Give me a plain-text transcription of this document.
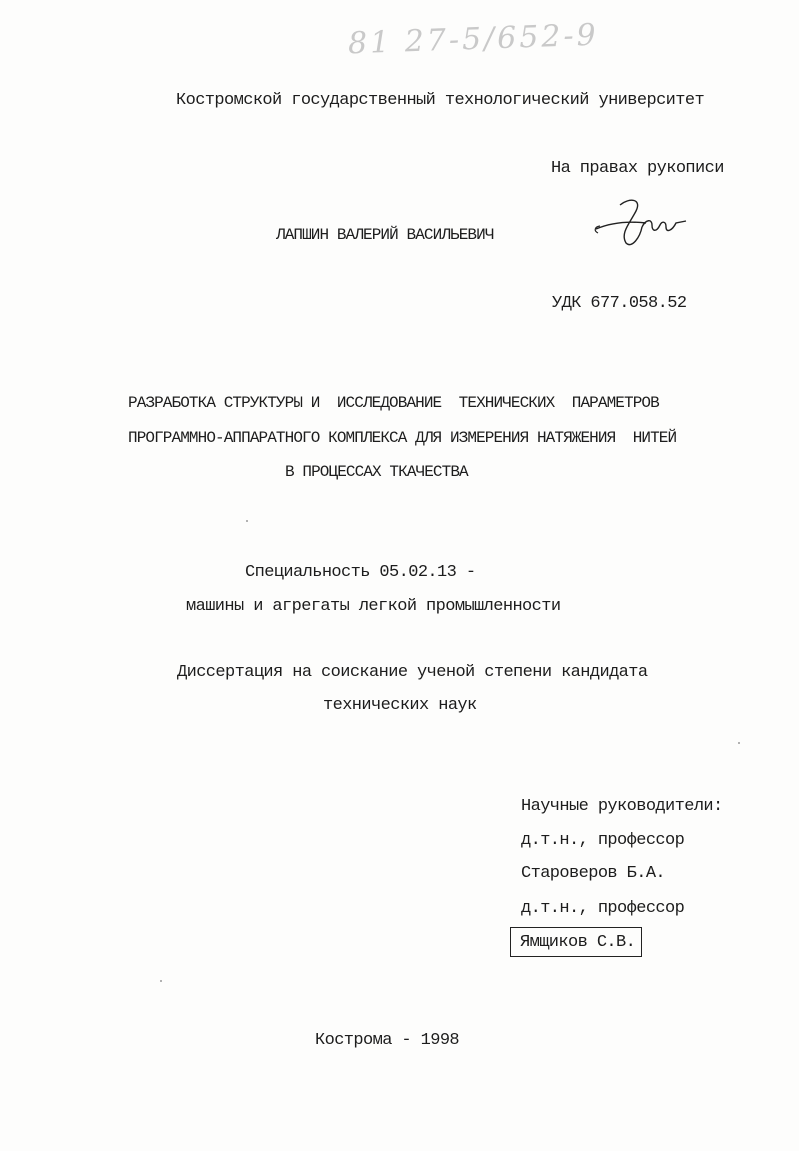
81 27-5/652-9
Костромской государственный технологический университет
На правах рукописи
ЛАПШИН ВАЛЕРИЙ ВАСИЛЬЕВИЧ
УДК 677.058.52
РАЗРАБОТКА СТРУКТУРЫ И  ИССЛЕДОВАНИЕ  ТЕХНИЧЕСКИХ  ПАРАМЕТРОВ
ПРОГРАММНО-АППАРАТНОГО КОМПЛЕКСА ДЛЯ ИЗМЕРЕНИЯ НАТЯЖЕНИЯ  НИТЕЙ
В ПРОЦЕССАХ ТКАЧЕСТВА
Специальность 05.02.13 -
машины и агрегаты легкой промышленности
Диссертация на соискание ученой степени кандидата
технических наук
Научные руководители:
д.т.н., профессор
Староверов Б.А.
д.т.н., профессор
Ямщиков С.В.
Кострома - 1998
